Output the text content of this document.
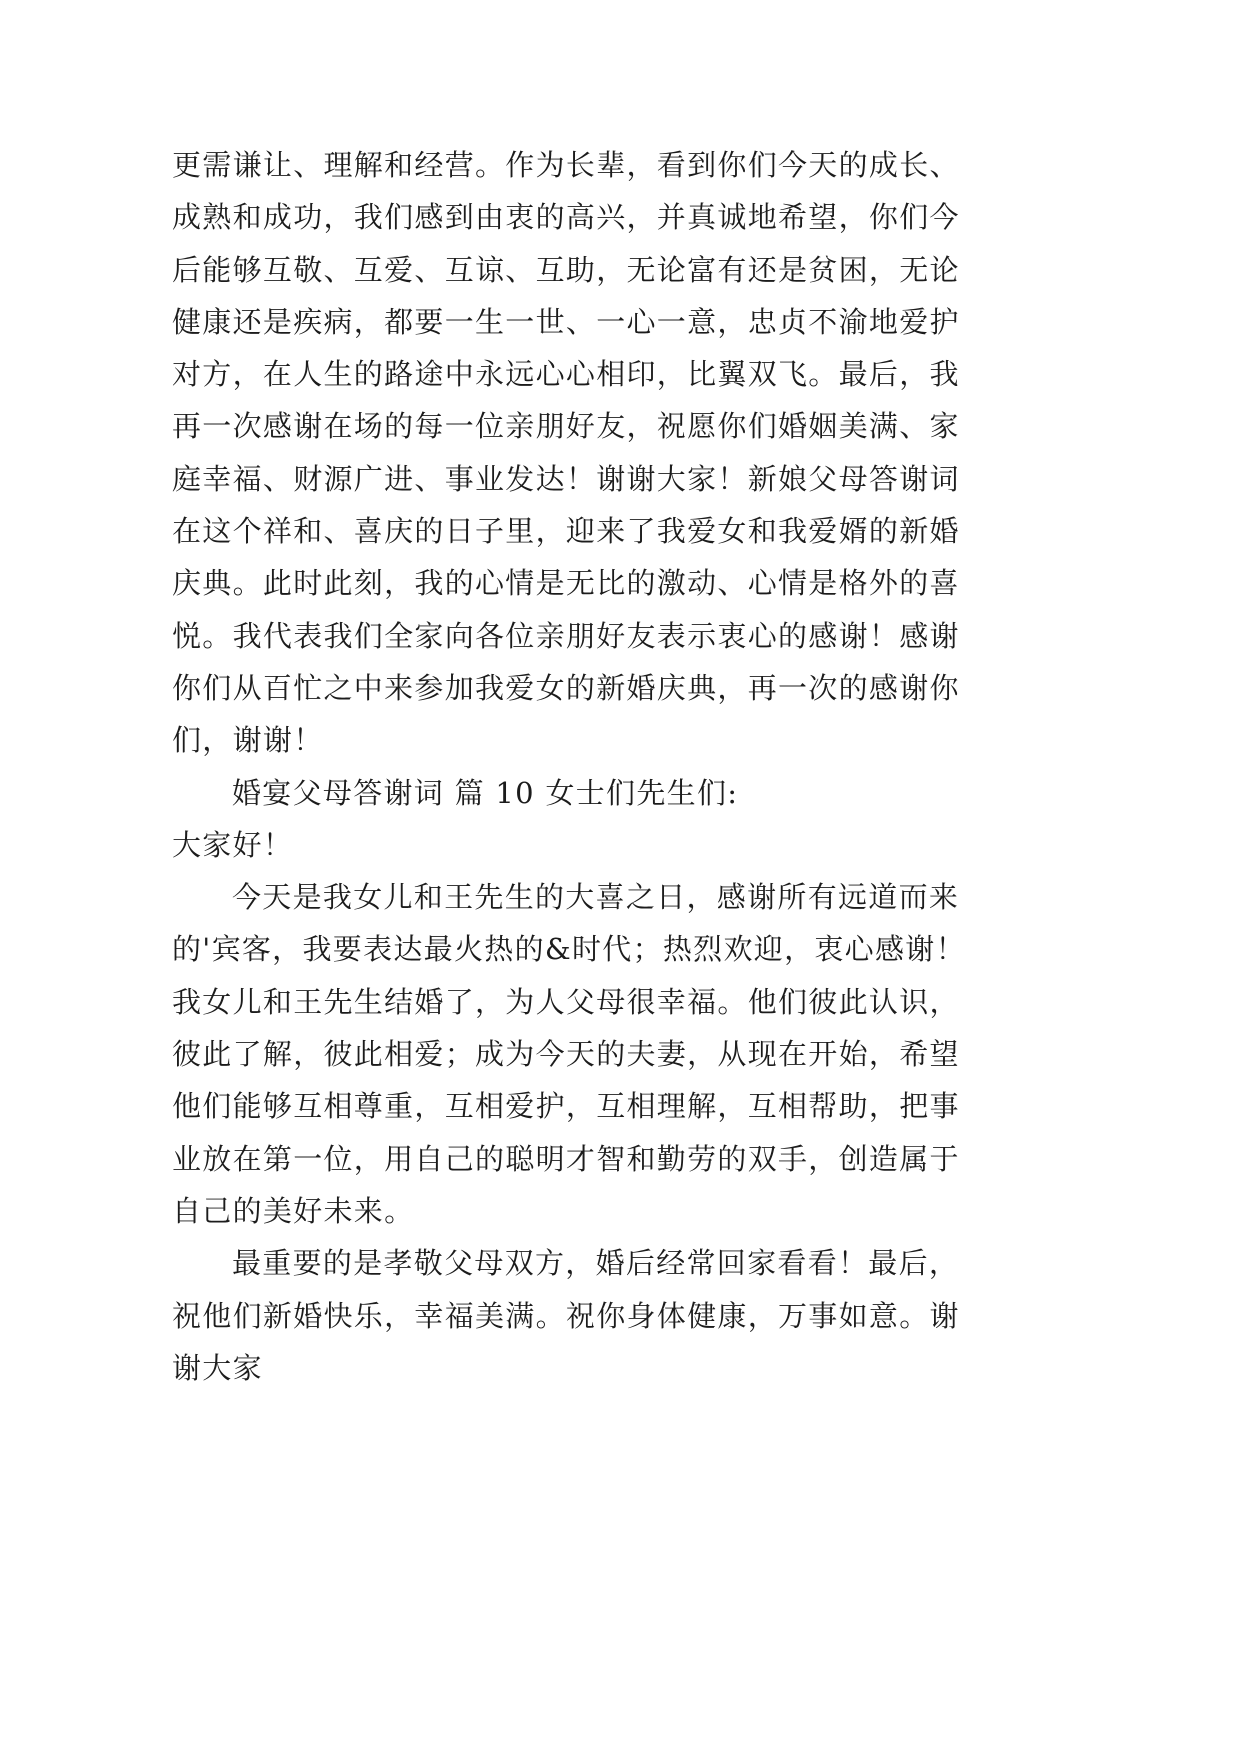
更需谦让、理解和经营。作为长辈，看到你们今天的成长、
成熟和成功，我们感到由衷的高兴，并真诚地希望，你们今
后能够互敬、互爱、互谅、互助，无论富有还是贫困，无论
健康还是疾病，都要一生一世、一心一意，忠贞不渝地爱护
对方，在人生的路途中永远心心相印，比翼双飞。最后，我
再一次感谢在场的每一位亲朋好友，祝愿你们婚姻美满、家
庭幸福、财源广进、事业发达！谢谢大家！新娘父母答谢词
在这个祥和、喜庆的日子里，迎来了我爱女和我爱婿的新婚
庆典。此时此刻，我的心情是无比的激动、心情是格外的喜
悦。我代表我们全家向各位亲朋好友表示衷心的感谢！感谢
你们从百忙之中来参加我爱女的新婚庆典，再一次的感谢你
们，谢谢！
婚宴父母答谢词 篇 10 女士们先生们:
大家好！
今天是我女儿和王先生的大喜之日，感谢所有远道而来
的'宾客，我要表达最火热的&时代；热烈欢迎，衷心感谢！
我女儿和王先生结婚了，为人父母很幸福。他们彼此认识，
彼此了解，彼此相爱；成为今天的夫妻，从现在开始，希望
他们能够互相尊重，互相爱护，互相理解，互相帮助，把事
业放在第一位，用自己的聪明才智和勤劳的双手，创造属于
自己的美好未来。
最重要的是孝敬父母双方，婚后经常回家看看！最后，
祝他们新婚快乐，幸福美满。祝你身体健康，万事如意。谢
谢大家
